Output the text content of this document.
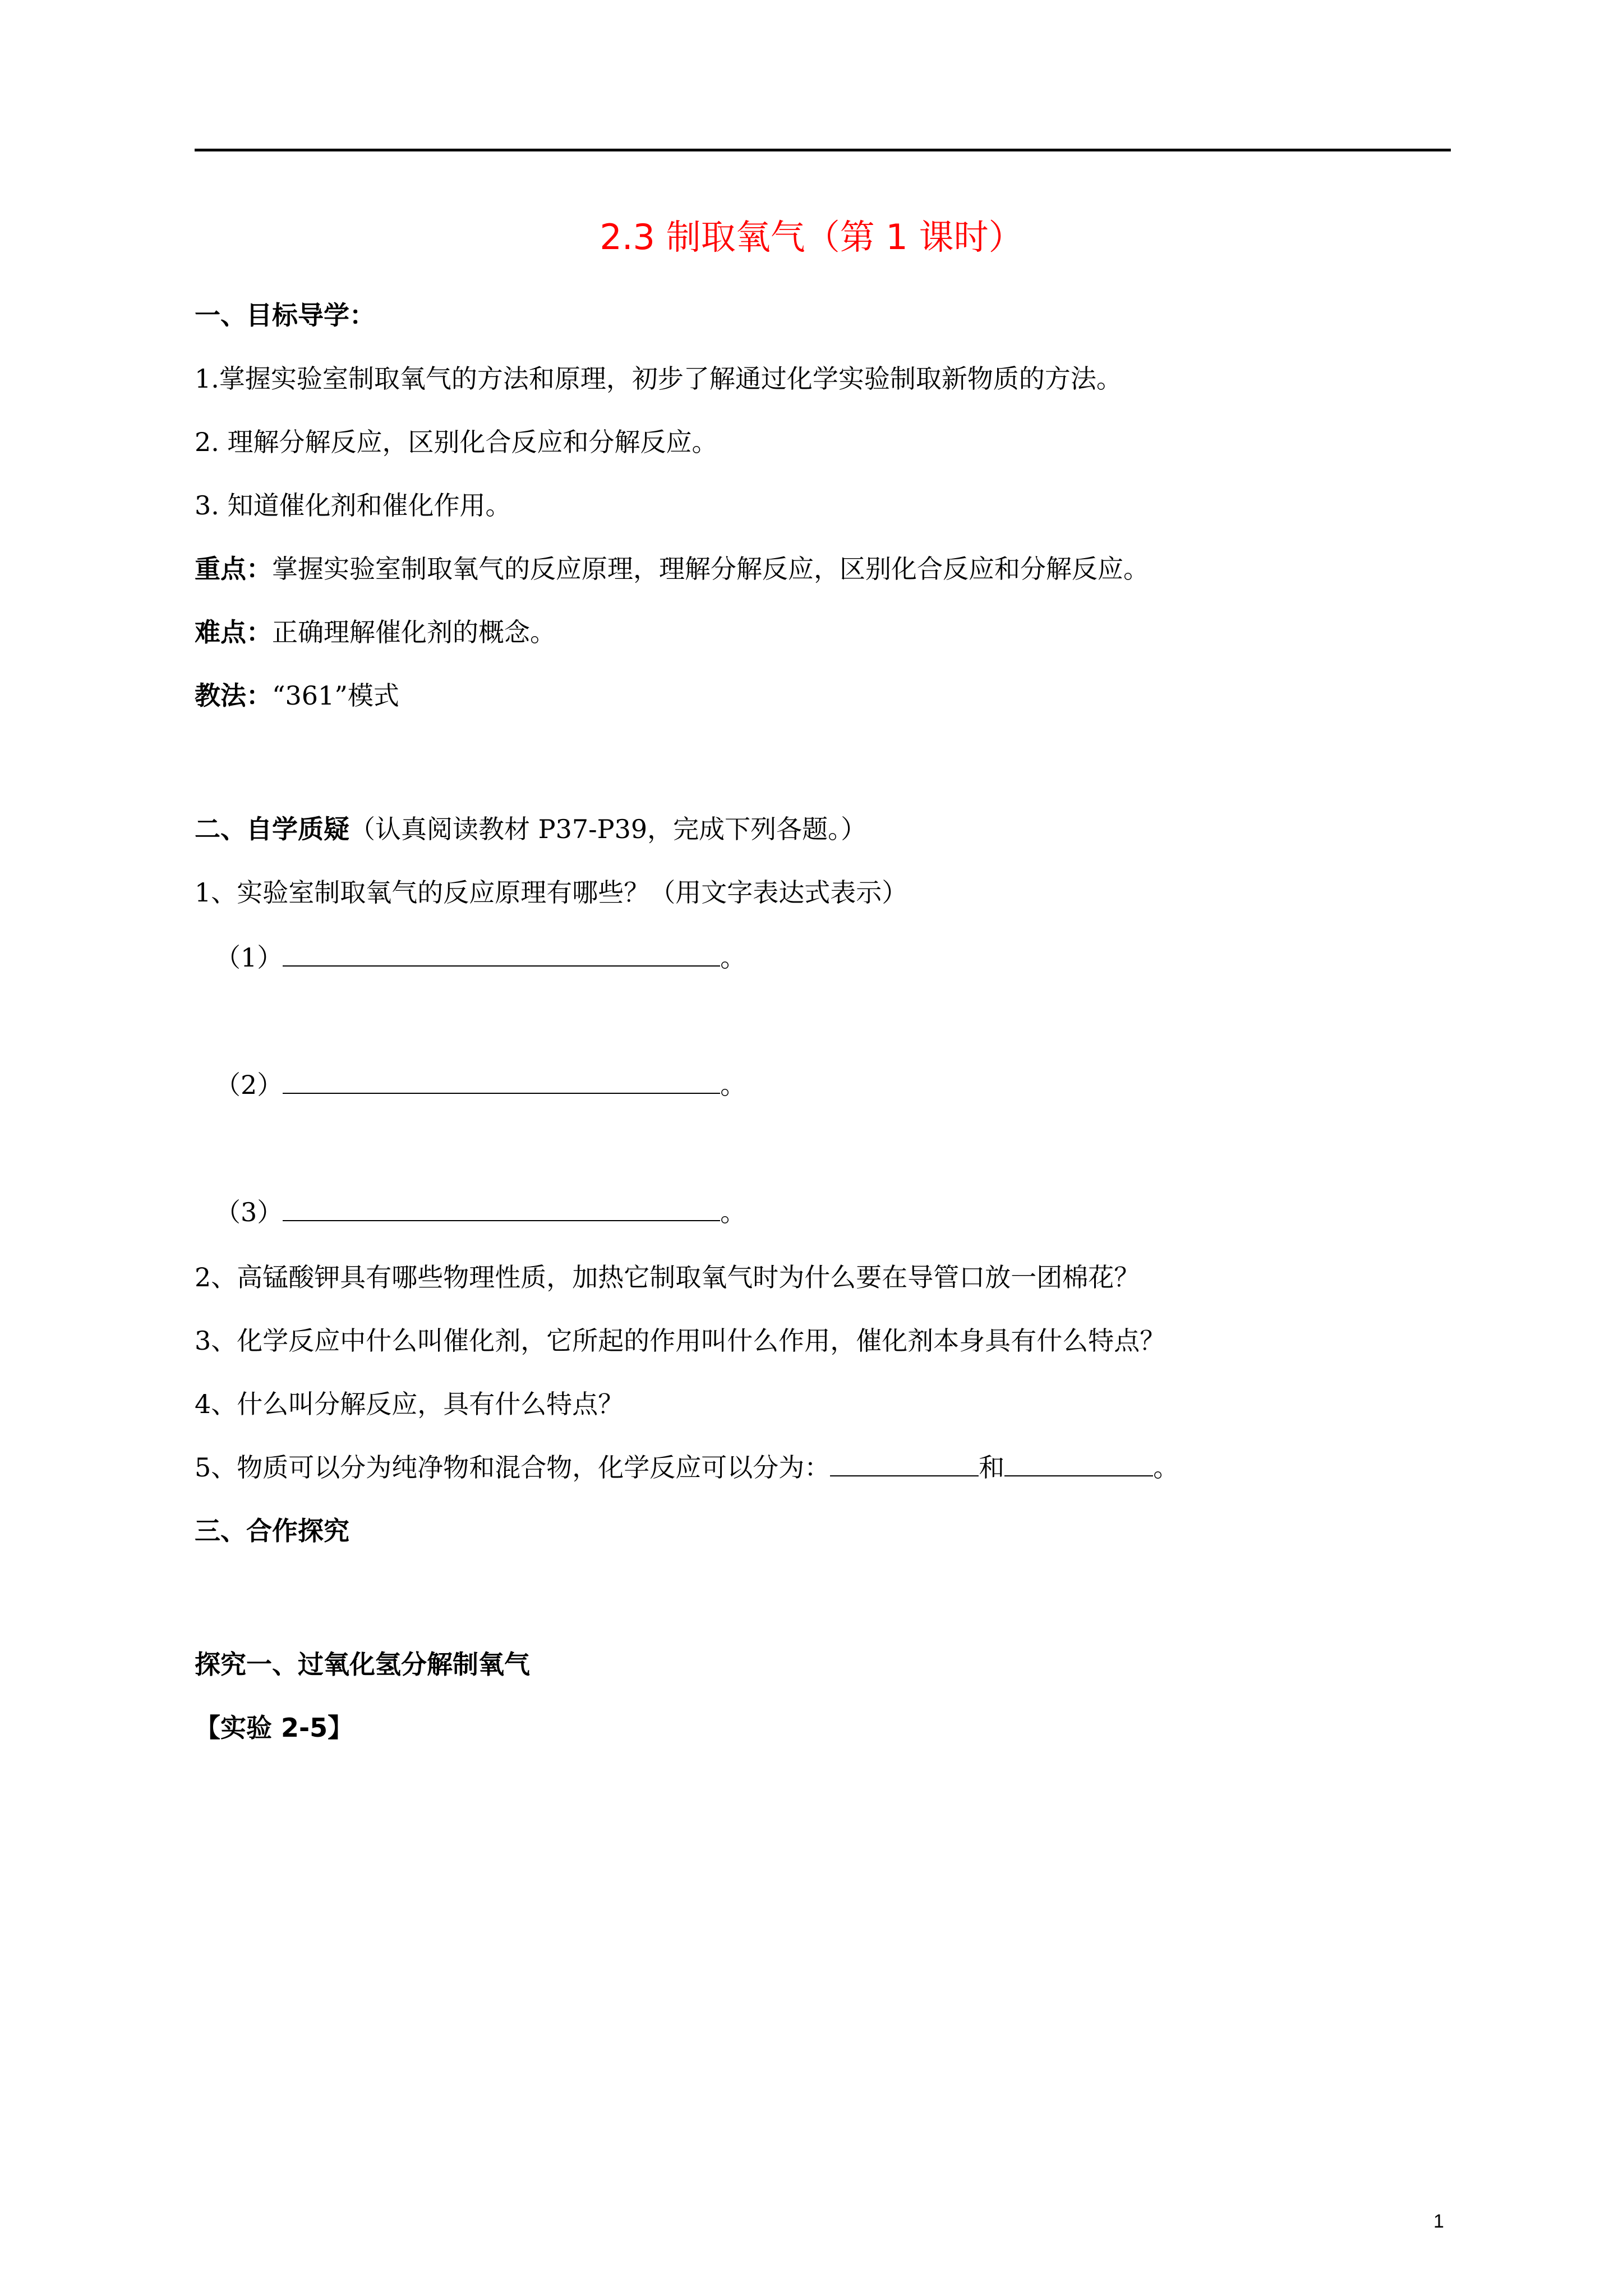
2.3 制取氧气（第 1 课时）
一、目标导学：
1.掌握实验室制取氧气的方法和原理，初步了解通过化学实验制取新物质的方法。
2. 理解分解反应，区别化合反应和分解反应。
3. 知道催化剂和催化作用。
重点：掌握实验室制取氧气的反应原理，理解分解反应，区别化合反应和分解反应。
难点：正确理解催化剂的概念。
教法：“361”模式
二、自学质疑（认真阅读教材 P37-P39，完成下列各题。）
1、实验室制取氧气的反应原理有哪些？（用文字表达式表示）
（1）	。
（2）	。
（3）	。
2、高锰酸钾具有哪些物理性质，加热它制取氧气时为什么要在导管口放一团棉花？
3、化学反应中什么叫催化剂，它所起的作用叫什么作用，催化剂本身具有什么特点？
4、什么叫分解反应，具有什么特点？
5、物质可以分为纯净物和混合物，化学反应可以分为：	和	。
三、合作探究
探究一、过氧化氢分解制氧气
【实验 2-5】
1
